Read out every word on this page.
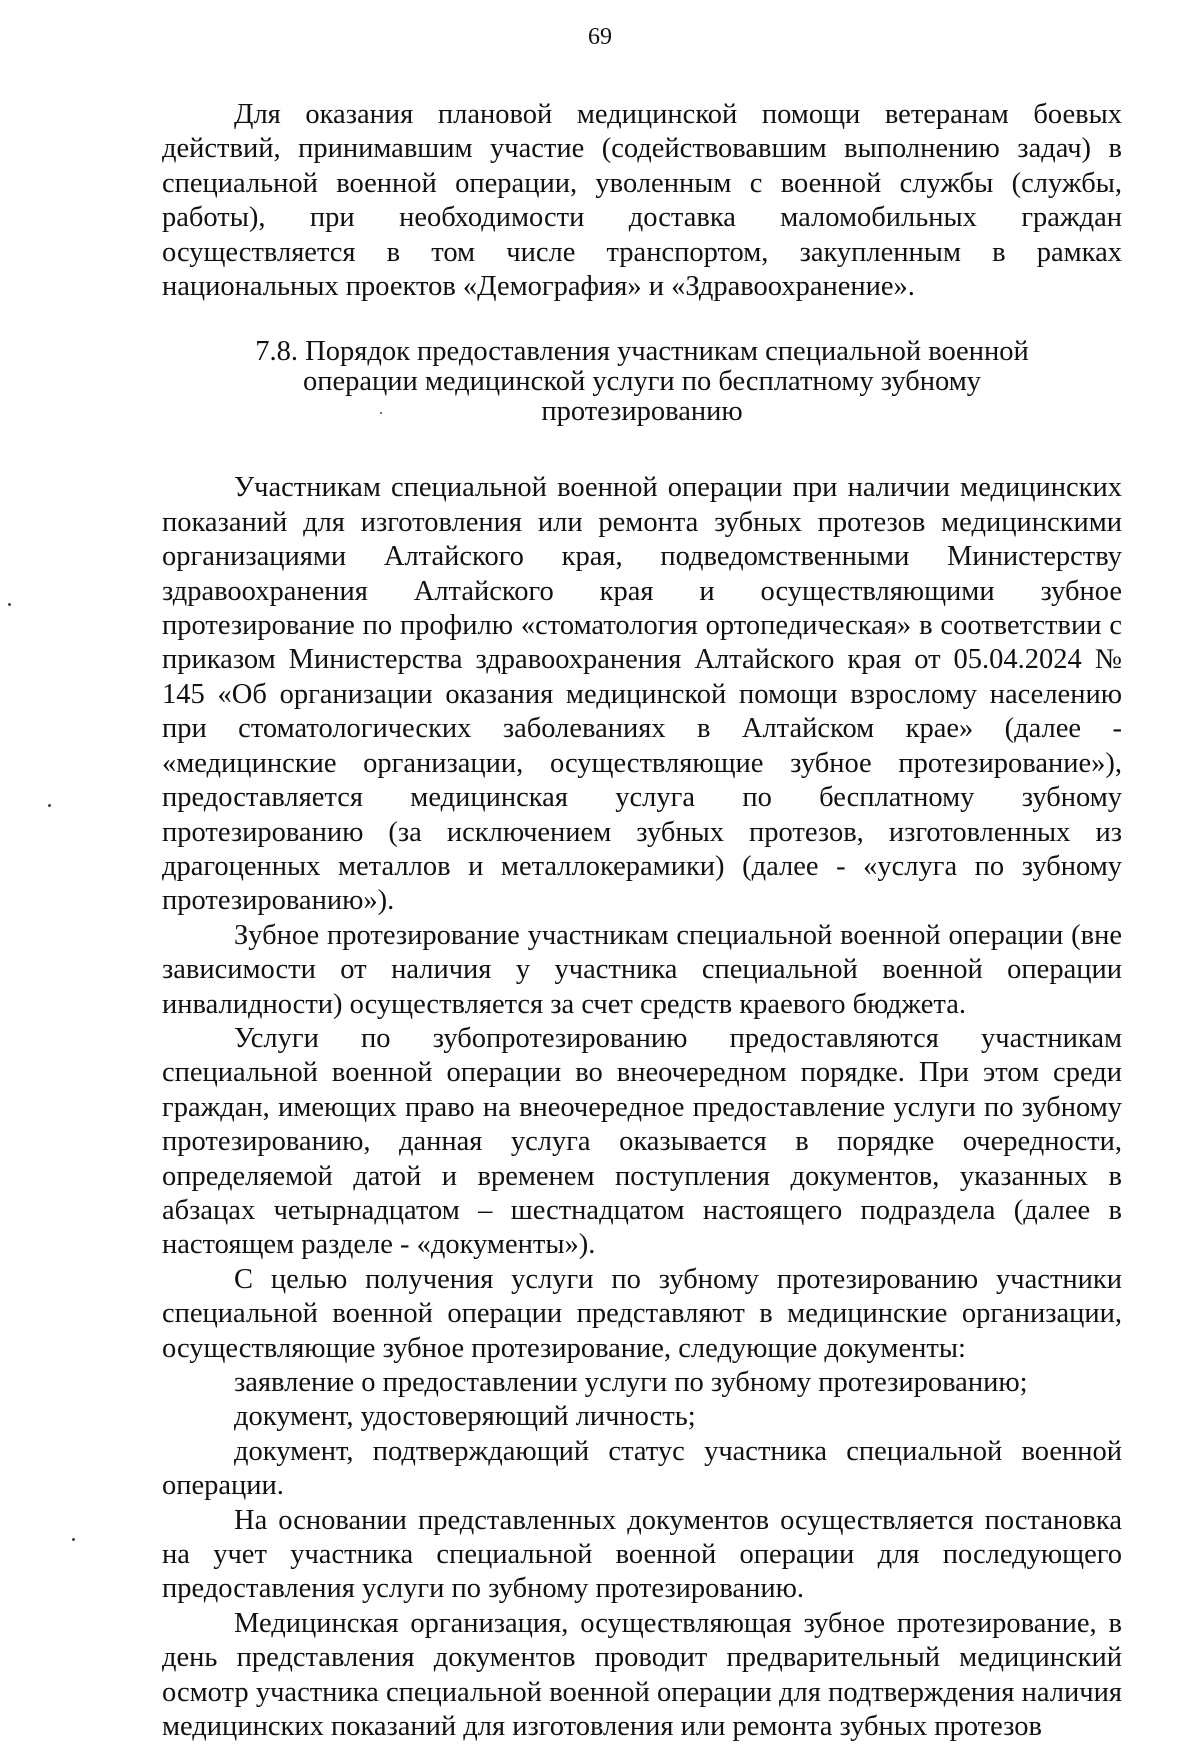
69

Для оказания плановой медицинской помощи ветеранам боевых действий, принимавшим участие (содействовавшим выполнению задач) в специальной военной операции, уволенным с военной службы (службы, работы), при необходимости доставка маломобильных граждан осуществляется в том числе транспортом, закупленным в рамках национальных проектов «Демография» и «Здравоохранение».

7.8. Порядок предоставления участникам специальной военной операции медицинской услуги по бесплатному зубному протезированию

Участникам специальной военной операции при наличии медицинских показаний для изготовления или ремонта зубных протезов медицинскими организациями Алтайского края, подведомственными Министерству здравоохранения Алтайского края и осуществляющими зубное протезирование по профилю «стоматология ортопедическая» в соответствии с приказом Министерства здравоохранения Алтайского края от 05.04.2024 № 145 «Об организации оказания медицинской помощи взрослому населению при стоматологических заболеваниях в Алтайском крае» (далее - «медицинские организации, осуществляющие зубное протезирование»), предоставляется медицинская услуга по бесплатному зубному протезированию (за исключением зубных протезов, изготовленных из драгоценных металлов и металлокерамики) (далее - «услуга по зубному протезированию»).

Зубное протезирование участникам специальной военной операции (вне зависимости от наличия у участника специальной военной операции инвалидности) осуществляется за счет средств краевого бюджета.

Услуги по зубопротезированию предоставляются участникам специальной военной операции во внеочередном порядке. При этом среди граждан, имеющих право на внеочередное предоставление услуги по зубному протезированию, данная услуга оказывается в порядке очередности, определяемой датой и временем поступления документов, указанных в абзацах четырнадцатом – шестнадцатом настоящего подраздела (далее в настоящем разделе - «документы»).

С целью получения услуги по зубному протезированию участники специальной военной операции представляют в медицинские организации, осуществляющие зубное протезирование, следующие документы:

заявление о предоставлении услуги по зубному протезированию;

документ, удостоверяющий личность;

документ, подтверждающий статус участника специальной военной операции.

На основании представленных документов осуществляется постановка на учет участника специальной военной операции для последующего предоставления услуги по зубному протезированию.

Медицинская организация, осуществляющая зубное протезирование, в день представления документов проводит предварительный медицинский осмотр участника специальной военной операции для подтверждения наличия медицинских показаний для изготовления или ремонта зубных протезов
